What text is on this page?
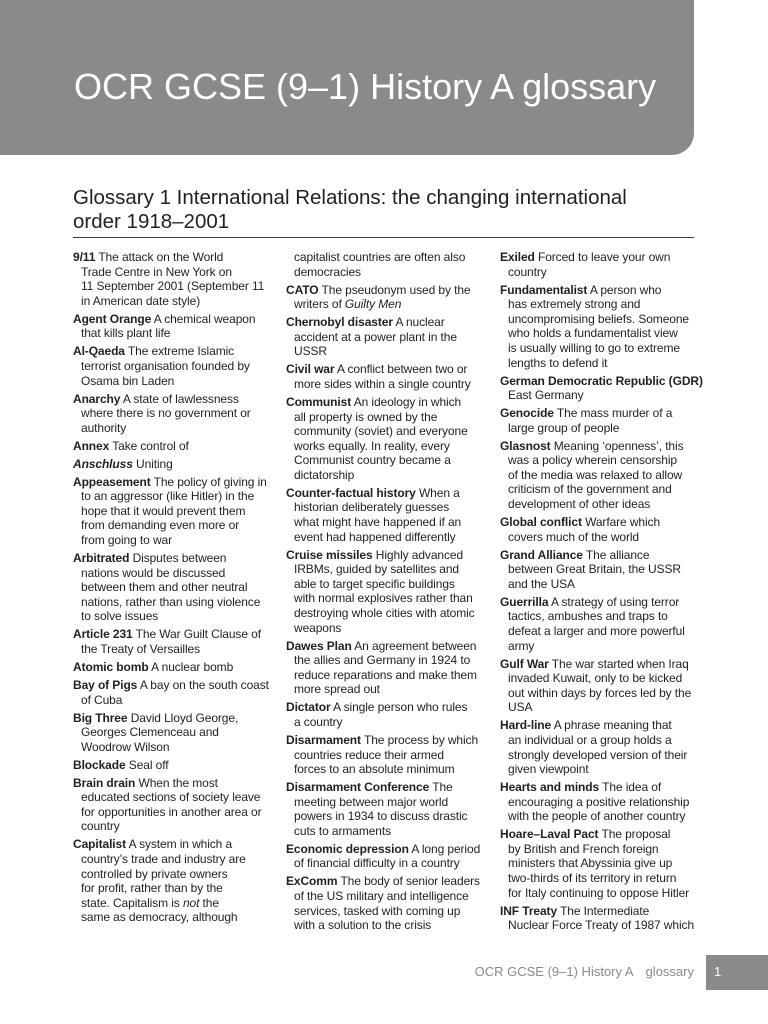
OCR GCSE (9–1) History A glossary
Glossary 1 International Relations: the changing international order 1918–2001
9/11 The attack on the World
Trade Centre in New York on
11 September 2001 (September 11
in American date style)
Agent Orange A chemical weapon
that kills plant life
Al-Qaeda The extreme Islamic
terrorist organisation founded by
Osama bin Laden
Anarchy A state of lawlessness
where there is no government or
authority
Annex Take control of
Anschluss Uniting
Appeasement The policy of giving in
to an aggressor (like Hitler) in the
hope that it would prevent them
from demanding even more or
from going to war
Arbitrated Disputes between
nations would be discussed
between them and other neutral
nations, rather than using violence
to solve issues
Article 231 The War Guilt Clause of
the Treaty of Versailles
Atomic bomb A nuclear bomb
Bay of Pigs A bay on the south coast
of Cuba
Big Three David Lloyd George,
Georges Clemenceau and
Woodrow Wilson
Blockade Seal off
Brain drain When the most
educated sections of society leave
for opportunities in another area or
country
Capitalist A system in which a
country’s trade and industry are
controlled by private owners
for profit, rather than by the
state. Capitalism is not the
same as democracy, although
capitalist countries are often also
democracies
CATO The pseudonym used by the
writers of Guilty Men
Chernobyl disaster A nuclear
accident at a power plant in the
USSR
Civil war A conflict between two or
more sides within a single country
Communist An ideology in which
all property is owned by the
community (soviet) and everyone
works equally. In reality, every
Communist country became a
dictatorship
Counter-factual history When a
historian deliberately guesses
what might have happened if an
event had happened differently
Cruise missiles Highly advanced
IRBMs, guided by satellites and
able to target specific buildings
with normal explosives rather than
destroying whole cities with atomic
weapons
Dawes Plan An agreement between
the allies and Germany in 1924 to
reduce reparations and make them
more spread out
Dictator A single person who rules
a country
Disarmament The process by which
countries reduce their armed
forces to an absolute minimum
Disarmament Conference The
meeting between major world
powers in 1934 to discuss drastic
cuts to armaments
Economic depression A long period
of financial difficulty in a country
ExComm The body of senior leaders
of the US military and intelligence
services, tasked with coming up
with a solution to the crisis
Exiled Forced to leave your own
country
Fundamentalist A person who
has extremely strong and
uncompromising beliefs. Someone
who holds a fundamentalist view
is usually willing to go to extreme
lengths to defend it
German Democratic Republic (GDR)
East Germany
Genocide The mass murder of a
large group of people
Glasnost Meaning ‘openness’, this
was a policy wherein censorship
of the media was relaxed to allow
criticism of the government and
development of other ideas
Global conflict Warfare which
covers much of the world
Grand Alliance The alliance
between Great Britain, the USSR
and the USA
Guerrilla A strategy of using terror
tactics, ambushes and traps to
defeat a larger and more powerful
army
Gulf War The war started when Iraq
invaded Kuwait, only to be kicked
out within days by forces led by the
USA
Hard-line A phrase meaning that
an individual or a group holds a
strongly developed version of their
given viewpoint
Hearts and minds The idea of
encouraging a positive relationship
with the people of another country
Hoare–Laval Pact The proposal
by British and French foreign
ministers that Abyssinia give up
two-thirds of its territory in return
for Italy continuing to oppose Hitler
INF Treaty The Intermediate
Nuclear Force Treaty of 1987 which
OCR GCSE (9–1) History A glossary 1
